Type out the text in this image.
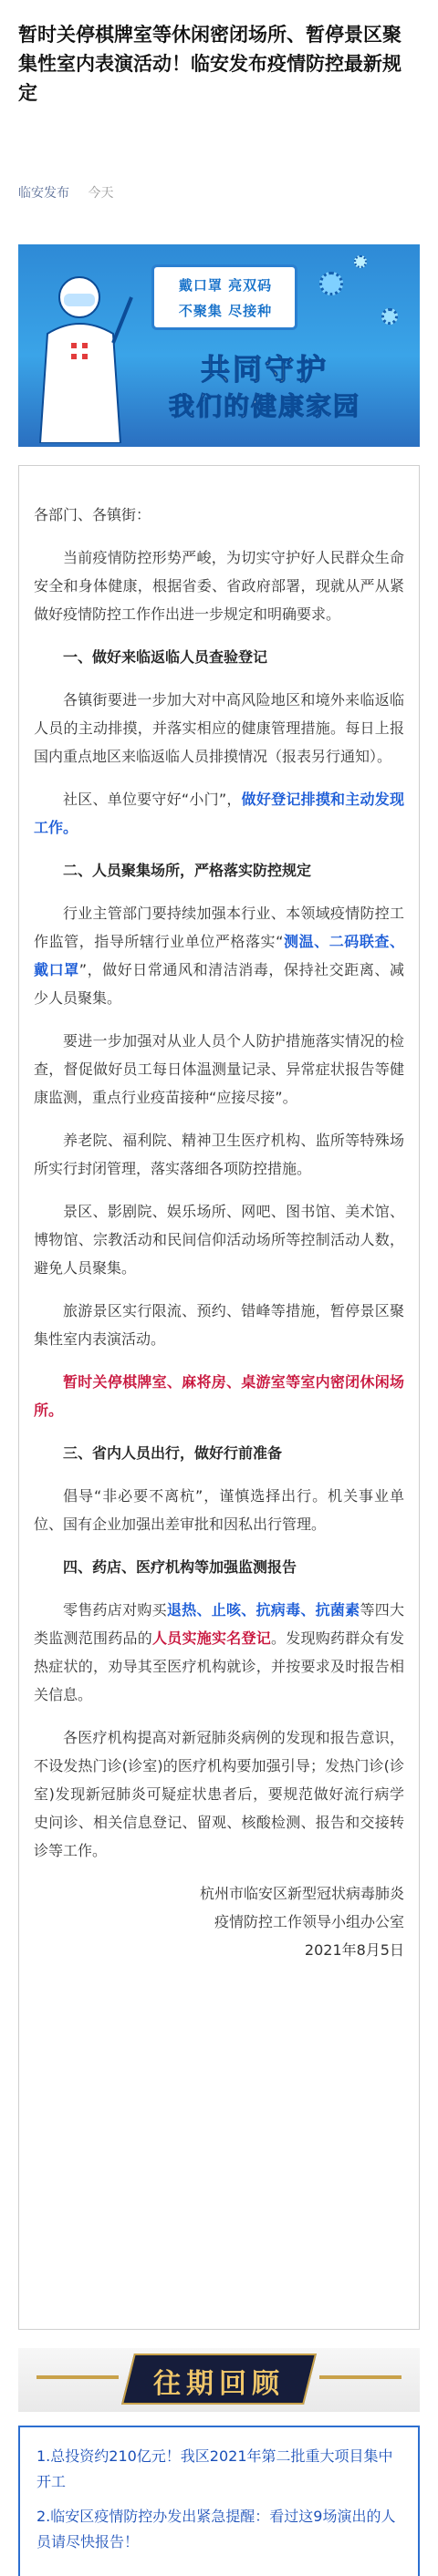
暂时关停棋牌室等休闲密闭场所、暂停景区聚集性室内表演活动！临安发布疫情防控最新规定
临安发布 今天
戴口罩 亮双码
不聚集 尽接种
共同守护
我们的健康家园

各部门、各镇街：

当前疫情防控形势严峻，为切实守护好人民群众生命安全和身体健康，根据省委、省政府部署，现就从严从紧做好疫情防控工作作出进一步规定和明确要求。

一、做好来临返临人员查验登记

各镇街要进一步加大对中高风险地区和境外来临返临人员的主动排摸，并落实相应的健康管理措施。每日上报国内重点地区来临返临人员排摸情况（报表另行通知）。

社区、单位要守好“小门”，做好登记排摸和主动发现工作。

二、人员聚集场所，严格落实防控规定

行业主管部门要持续加强本行业、本领域疫情防控工作监管，指导所辖行业单位严格落实“测温、二码联查、戴口罩”，做好日常通风和清洁消毒，保持社交距离、减少人员聚集。

要进一步加强对从业人员个人防护措施落实情况的检查，督促做好员工每日体温测量记录、异常症状报告等健康监测，重点行业疫苗接种“应接尽接”。

养老院、福利院、精神卫生医疗机构、监所等特殊场所实行封闭管理，落实落细各项防控措施。

景区、影剧院、娱乐场所、网吧、图书馆、美术馆、博物馆、宗教活动和民间信仰活动场所等控制活动人数，避免人员聚集。

旅游景区实行限流、预约、错峰等措施，暂停景区聚集性室内表演活动。

暂时关停棋牌室、麻将房、桌游室等室内密闭休闲场所。

三、省内人员出行，做好行前准备

倡导“非必要不离杭”，谨慎选择出行。机关事业单位、国有企业加强出差审批和因私出行管理。

四、药店、医疗机构等加强监测报告

零售药店对购买退热、止咳、抗病毒、抗菌素等四大类监测范围药品的人员实施实名登记。发现购药群众有发热症状的，劝导其至医疗机构就诊，并按要求及时报告相关信息。

各医疗机构提高对新冠肺炎病例的发现和报告意识，不设发热门诊(诊室)的医疗机构要加强引导；发热门诊(诊室)发现新冠肺炎可疑症状患者后，要规范做好流行病学史问诊、相关信息登记、留观、核酸检测、报告和交接转诊等工作。

杭州市临安区新型冠状病毒肺炎

疫情防控工作领导小组办公室

2021年8月5日

往期回顾
1.总投资约210亿元！我区2021年第二批重大项目集中开工
2.临安区疫情防控办发出紧急提醒：看过这9场演出的人员请尽快报告！
